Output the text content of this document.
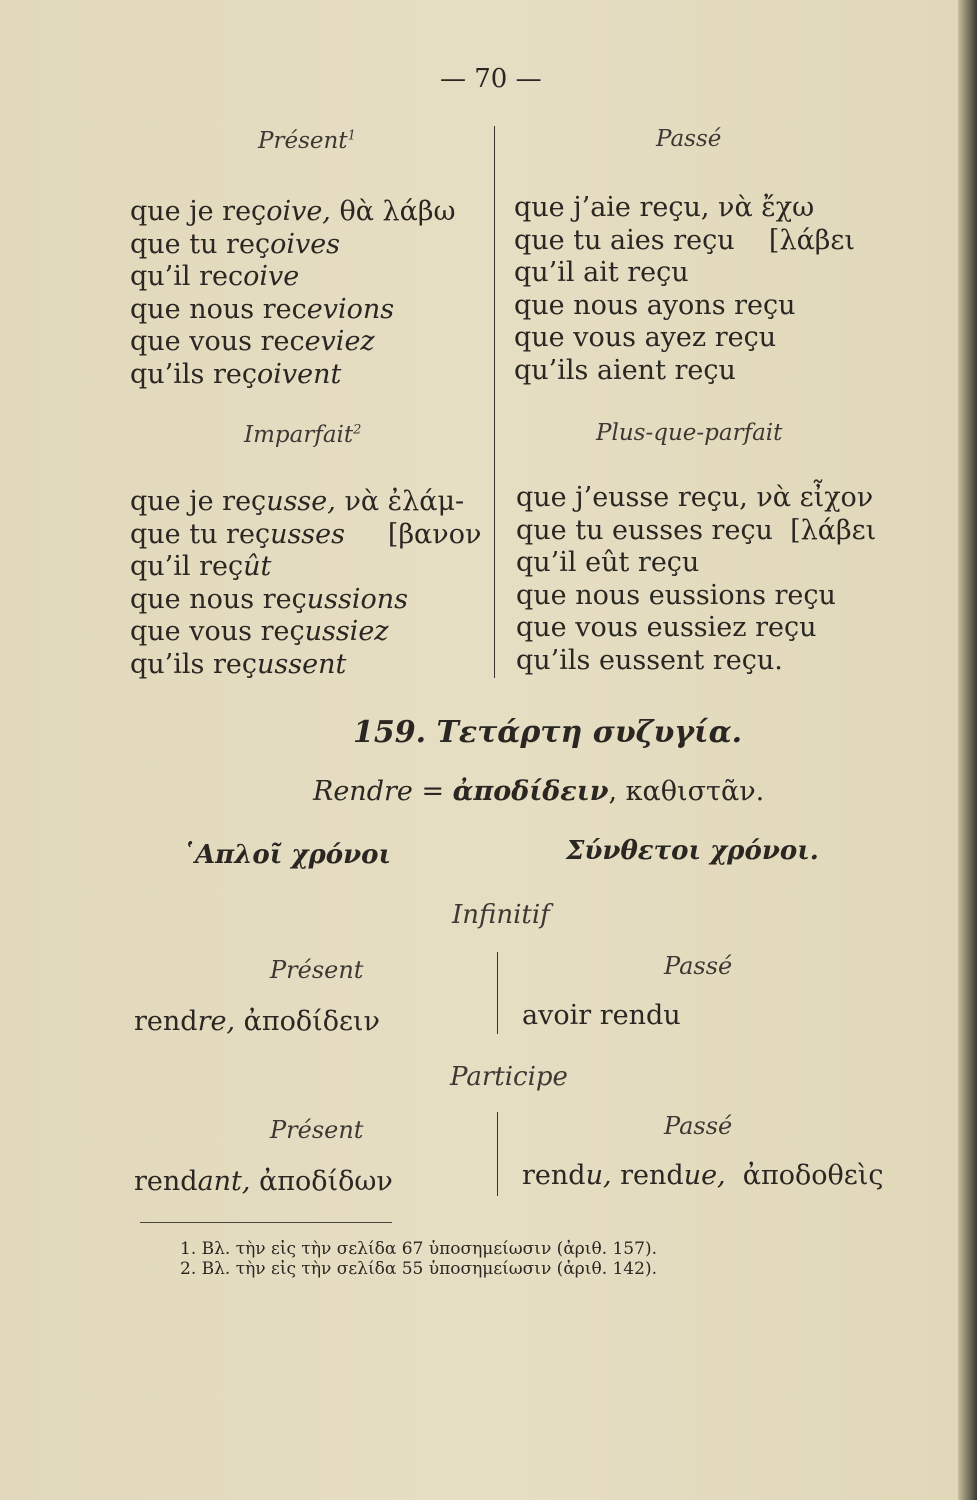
— 70 —
Présent$^1$
que je reçoive, θὰ λάβω
que tu reçoives
qu’il recoive
que nous recevions
que vous receviez
qu’ils reçoivent
Imparfait$^2$
que je reçusse, νὰ ἐλάμ-
que tu reçusses     [βανον
qu’il reçût
que nous reçussions
que vous reçussiez
qu’ils reçussent
Passé
que j’aie reçu, νὰ ἔχω
que tu aies reçu    [λάβει
qu’il ait reçu
que nous ayons reçu
que vous ayez reçu
qu’ils aient reçu
Plus-que-parfait
que j’eusse reçu, νὰ εἶχον
que tu eusses reçu  [λάβει
qu’il eût reçu
que nous eussions reçu
que vous eussiez reçu
qu’ils eussent reçu.
159. Τετάρτη συζυγία.
Rendre = ἀποδίδειν, καθιστᾶν.
῾Απλοῖ χρόνοι	Σύνθετοι χρόνοι.
Infinitif
Présent
rendre, ἀποδίδειν
Passé
avoir rendu
Participe
Présent
rendant, ἀποδίδων
Passé
rendu, rendue,  ἀποδοθεὶς
1. Βλ. τὴν εἰς τὴν σελίδα 67 ὑποσημείωσιν (ἀριθ. 157).
2. Βλ. τὴν εἰς τὴν σελίδα 55 ὑποσημείωσιν (ἀριθ. 142).
